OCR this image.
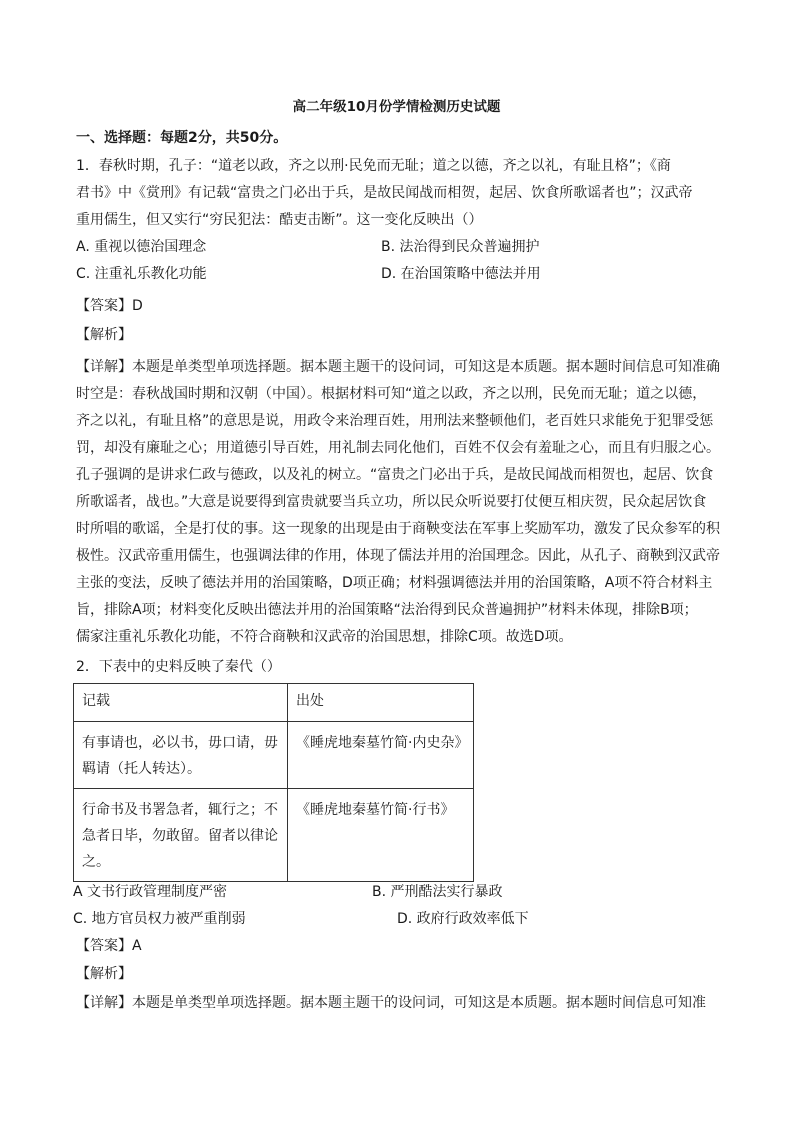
高二年级10月份学情检测历史试题
一、选择题：每题2分，共50分。
1．春秋时期，孔子：“道老以政，齐之以刑·民免而无耻；道之以德，齐之以礼，有耻且格”；《商
君书》中《赏刑》有记载“富贵之门必出于兵，是故民闻战而相贺，起居、饮食所歌谣者也”；汉武帝
重用儒生，但又实行“穷民犯法：酷吏击断”。这一变化反映出（）
A. 重视以德治国理念	B. 法治得到民众普遍拥护
C. 注重礼乐教化功能	D. 在治国策略中德法并用
【答案】D
【解析】
【详解】本题是单类型单项选择题。据本题主题干的设问词，可知这是本质题。据本题时间信息可知准确
时空是：春秋战国时期和汉朝（中国）。根据材料可知“道之以政，齐之以刑，民免而无耻；道之以德，
齐之以礼，有耻且格”的意思是说，用政令来治理百姓，用刑法来整顿他们，老百姓只求能免于犯罪受惩
罚，却没有廉耻之心；用道德引导百姓，用礼制去同化他们，百姓不仅会有羞耻之心，而且有归服之心。
孔子强调的是讲求仁政与德政，以及礼的树立。“富贵之门必出于兵，是故民闻战而相贺也，起居、饮食
所歌谣者，战也。”大意是说要得到富贵就要当兵立功，所以民众听说要打仗便互相庆贺，民众起居饮食
时所唱的歌谣，全是打仗的事。这一现象的出现是由于商鞅变法在军事上奖励军功，激发了民众参军的积
极性。汉武帝重用儒生，也强调法律的作用，体现了儒法并用的治国理念。因此，从孔子、商鞅到汉武帝
主张的变法，反映了德法并用的治国策略，D项正确；材料强调德法并用的治国策略，A项不符合材料主
旨，排除A项；材料变化反映出德法并用的治国策略“法治得到民众普遍拥护”材料未体现，排除B项；
儒家注重礼乐教化功能，不符合商鞅和汉武帝的治国思想，排除C项。故选D项。
2．下表中的史料反映了秦代（）
记载	出处

有事请也，必以书，毋口请，毋羁请（托人转达）。	《睡虎地秦墓竹简·内史杂》

行命书及书署急者，辄行之；不急者日毕，勿敢留。留者以律论之。	《睡虎地秦墓竹简·行书》
A 文书行政管理制度严密	B. 严刑酷法实行暴政
C. 地方官员权力被严重削弱	D. 政府行政效率低下
【答案】A
【解析】
【详解】本题是单类型单项选择题。据本题主题干的设问词，可知这是本质题。据本题时间信息可知准
